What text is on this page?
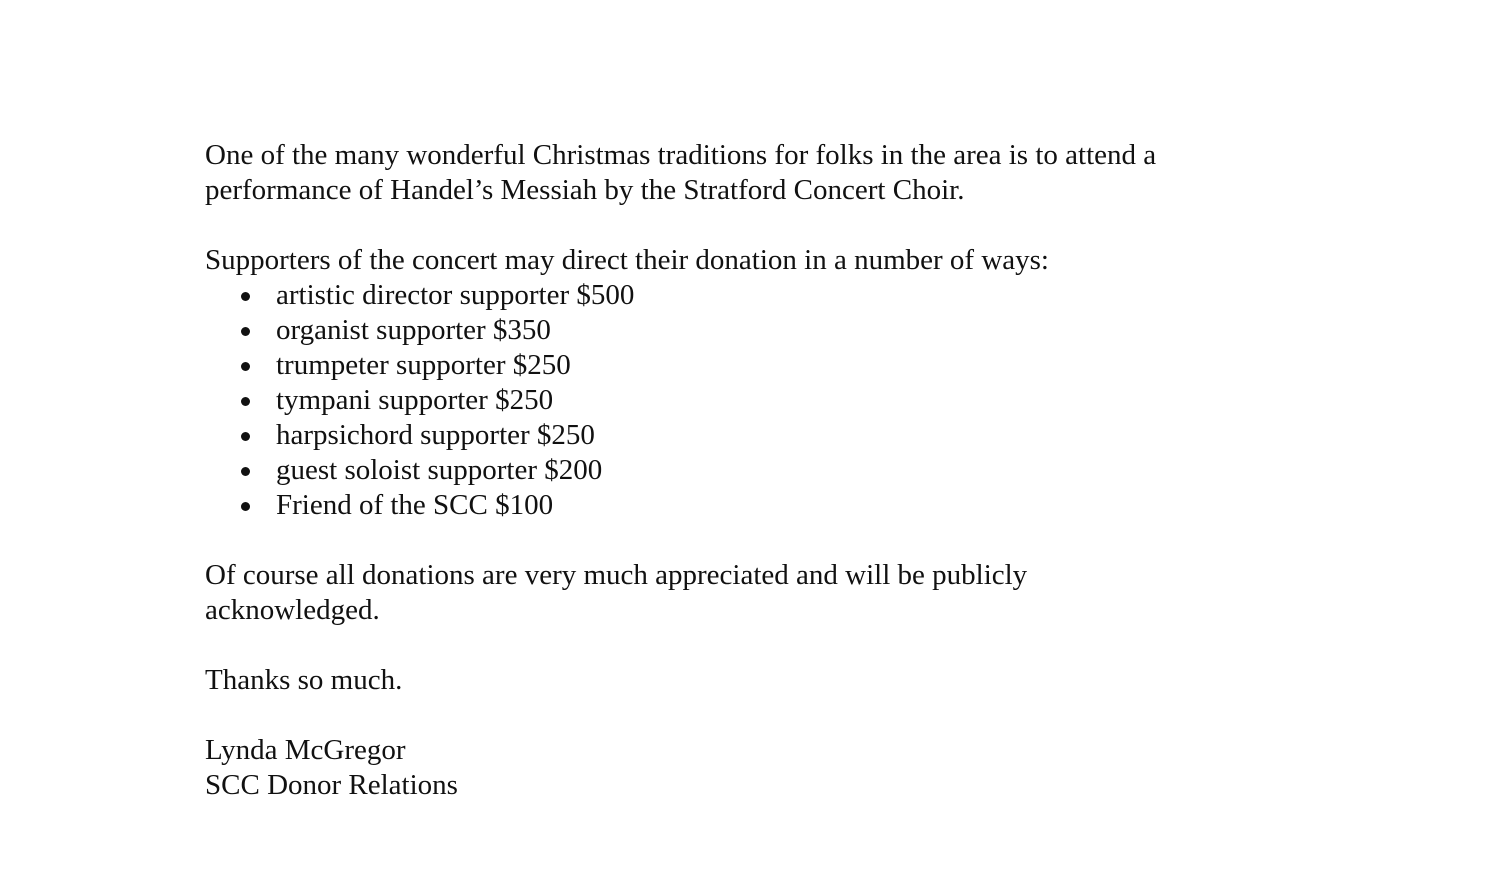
One of the many wonderful Christmas traditions for folks in the area is to attend a

performance of Handel’s Messiah by the Stratford Concert Choir.

Supporters of the concert may direct their donation in a number of ways:

artistic director supporter $500
organist supporter $350
trumpeter supporter $250
tympani supporter $250
harpsichord supporter $250
guest soloist supporter $200
Friend of the SCC $100

Of course all donations are very much appreciated and will be publicly

acknowledged.

Thanks so much.

Lynda McGregor

SCC Donor Relations
